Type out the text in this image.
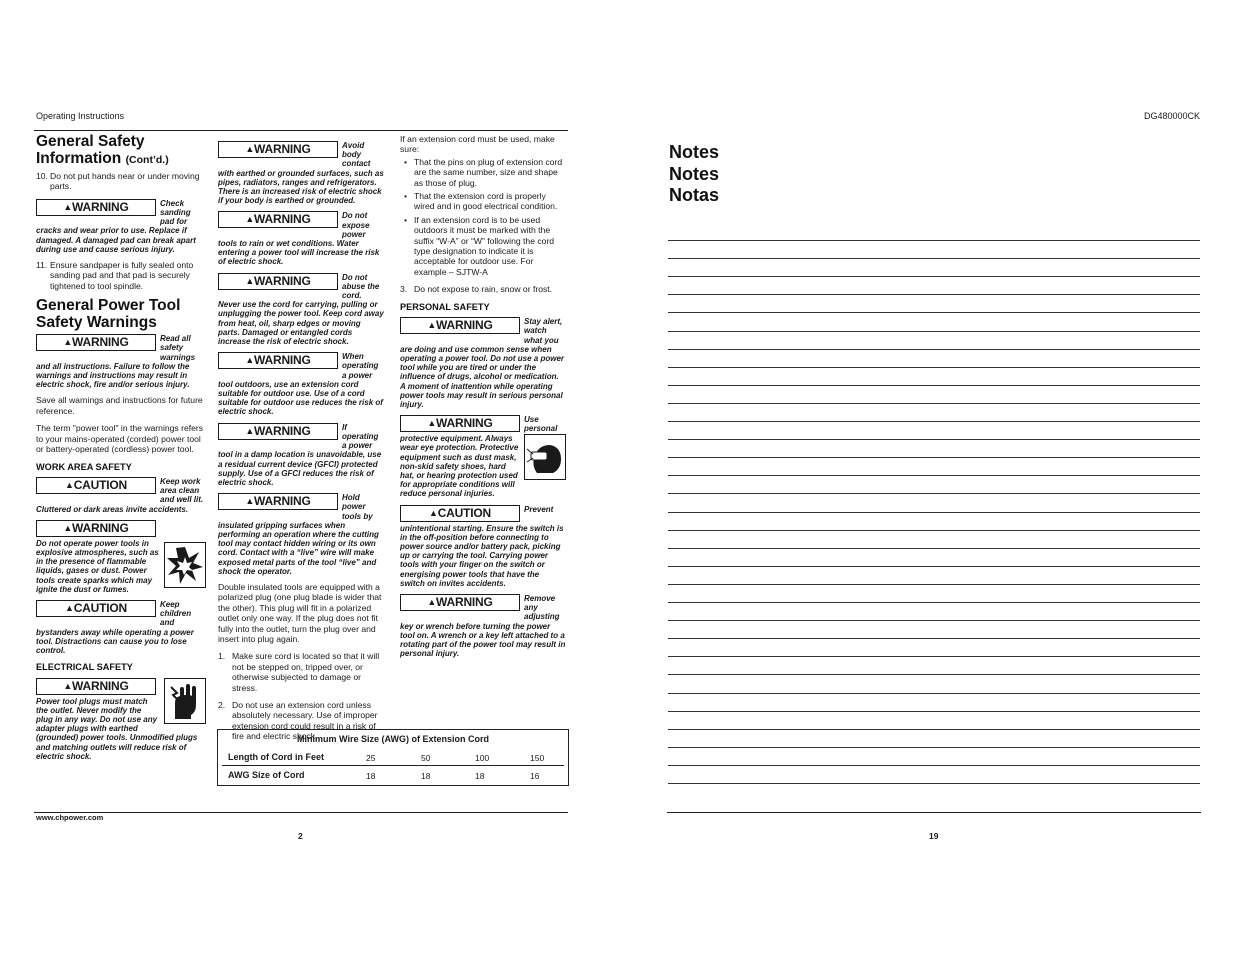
Operating Instructions	DG480000CK
General Safety Information (Cont’d.)
10. Do not put hands near or under moving parts.
▲WARNING	Check sanding pad for cracks and wear prior to use. Replace if damaged. A damaged pad can break apart during use and cause serious injury.
11. Ensure sandpaper is fully sealed onto sanding pad and that pad is securely tightened to tool spindle.
General Power Tool Safety Warnings
▲WARNING	Read all safety warnings and all instructions. Failure to follow the warnings and instructions may result in electric shock, fire and/or serious injury.
Save all warnings and instructions for future reference.
The term "power tool" in the warnings refers to your mains-operated (corded) power tool or battery-operated (cordless) power tool.
WORK AREA SAFETY
▲CAUTION	Keep work area clean and well lit. Cluttered or dark areas invite accidents.
▲WARNING
Do not operate power tools in explosive atmospheres, such as in the presence of flammable liquids, gases or dust. Power tools create sparks which may ignite the dust or fumes.
▲CAUTION	Keep children and bystanders away while operating a power tool. Distractions can cause you to lose control.
ELECTRICAL SAFETY
▲WARNING
Power tool plugs must match the outlet. Never modify the plug in any way. Do not use any adapter plugs with earthed (grounded) power tools. Unmodified plugs and matching outlets will reduce risk of electric shock.
▲WARNING	Avoid body contact with earthed or grounded surfaces, such as pipes, radiators, ranges and refrigerators. There is an increased risk of electric shock if your body is earthed or grounded.
▲WARNING	Do not expose power tools to rain or wet conditions. Water entering a power tool will increase the risk of electric shock.
▲WARNING	Do not abuse the cord. Never use the cord for carrying, pulling or unplugging the power tool. Keep cord away from heat, oil, sharp edges or moving parts. Damaged or entangled cords increase the risk of electric shock.
▲WARNING	When operating a power tool outdoors, use an extension cord suitable for outdoor use. Use of a cord suitable for outdoor use reduces the risk of electric shock.
▲WARNING	If operating a power tool in a damp location is unavoidable, use a residual current device (GFCI) protected supply. Use of a GFCI reduces the risk of electric shock.
▲WARNING	Hold power tools by insulated gripping surfaces when performing an operation where the cutting tool may contact hidden wiring or its own cord. Contact with a “live” wire will make exposed metal parts of the tool “live” and shock the operator.
Double insulated tools are equipped with a polarized plug (one plug blade is wider that the other). This plug will fit in a polarized outlet only one way. If the plug does not fit fully into the outlet, turn the plug over and insert into plug again.
1. Make sure cord is located so that it will not be stepped on, tripped over, or otherwise subjected to damage or stress.
2. Do not use an extension cord unless absolutely necessary. Use of improper extension cord could result in a risk of fire and electric shock.
If an extension cord must be used, make sure:
• That the pins on plug of extension cord are the same number, size and shape as those of plug.
• That the extension cord is properly wired and in good electrical condition.
• If an extension cord is to be used outdoors it must be marked with the suffix “W-A” or “W” following the cord type designation to indicate it is acceptable for outdoor use. For example – SJTW-A
3. Do not expose to rain, snow or frost.
PERSONAL SAFETY
▲WARNING	Stay alert, watch what you are doing and use common sense when operating a power tool. Do not use a power tool while you are tired or under the influence of drugs, alcohol or medication. A moment of inattention while operating power tools may result in serious personal injury.
▲WARNING	Use personal protective equipment. Always wear eye protection. Protective equipment such as dust mask, non-skid safety shoes, hard hat, or hearing protection used for appropriate conditions will reduce personal injuries.
▲CAUTION	Prevent unintentional starting. Ensure the switch is in the off-position before connecting to power source and/or battery pack, picking up or carrying the tool. Carrying power tools with your finger on the switch or energising power tools that have the switch on invites accidents.
▲WARNING	Remove any adjusting key or wrench before turning the power tool on. A wrench or a key left attached to a rotating part of the power tool may result in personal injury.
Minimum Wire Size (AWG) of Extension Cord
Length of Cord in Feet	25	50	100	150
AWG Size of Cord	18	18	18	16
www.chpower.com
2
Notes
Notes
Notas
19
